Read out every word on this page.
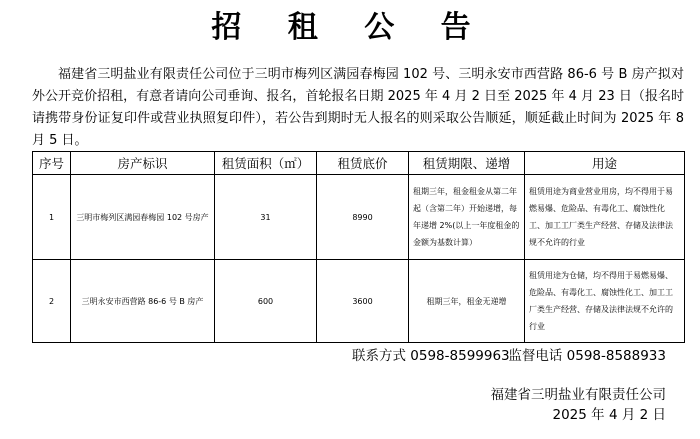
招 租 公 告

福建省三明盐业有限责任公司位于三明市梅列区满园春梅园 102 号、三明永安市西营路 86-6 号 B 房产拟对外公开竞价招租，有意者请向公司垂询、报名，首轮报名日期 2025 年 4 月 2 日至 2025 年 4 月 23 日（报名时请携带身份证复印件或营业执照复印件），若公告到期时无人报名的则采取公告顺延，顺延截止时间为 2025 年 8 月 5 日。

序号	房产标识	租赁面积（㎡）	租赁底价	租赁期限、递增	用途
1	三明市梅列区满园春梅园 102 号房产	31	8990	租期三年，租金租金从第二年起（含第二年）开始递增，每年递增 2%(以上一年度租金的金额为基数计算）	租赁用途为商业营业用房，均不得用于易燃易爆、危险品、有毒化工、腐蚀性化工、加工工厂类生产经营、存储及法律法规不允许的行业
2	三明永安市西营路 86-6 号 B 房产	600	3600	租期三年，租金无递增	租赁用途为仓储，均不得用于易燃易爆、危险品、有毒化工、腐蚀性化工、加工工厂类生产经营、存储及法律法规不允许的行业
联系方式 0598-8599963
监督电话 0598-8588933
福建省三明盐业有限责任公司
2025 年 4 月 2 日
